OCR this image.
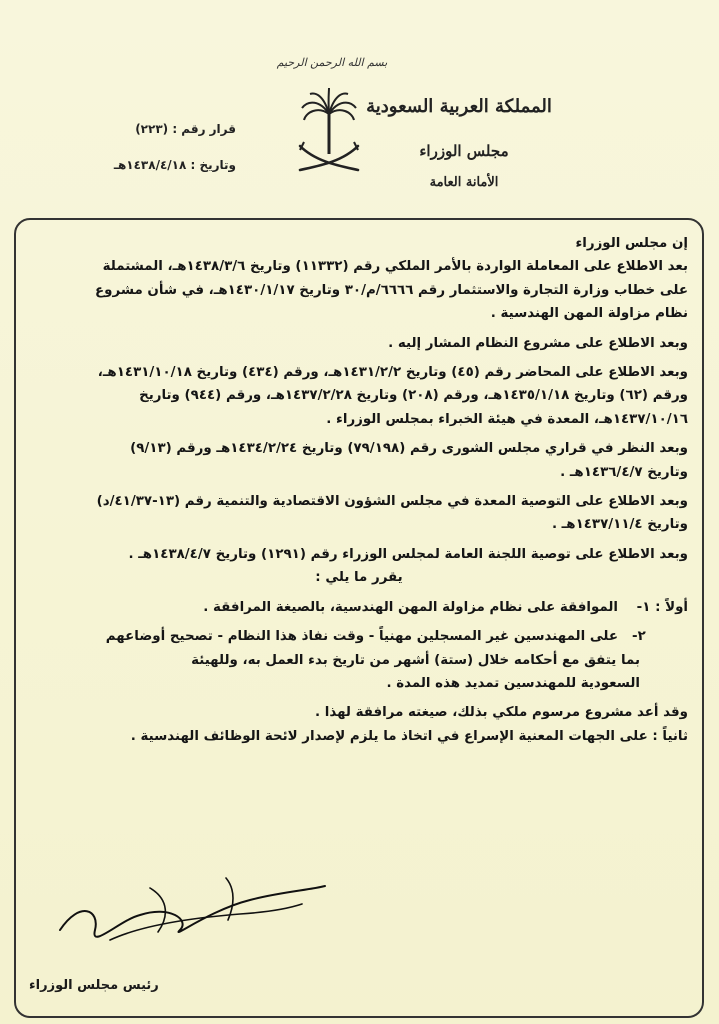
بسم الله الرحمن الرحيم
المملكة العربية السعودية
مجلس الوزراء
الأمانة العامة
قرار رقم : (٢٢٣)
وتاريخ : ١٤٣٨/٤/١٨هـ

إن مجلس الوزراء

بعد الاطلاع على المعاملة الواردة بالأمر الملكي رقم (١١٣٣٢) وتاريخ ١٤٣٨/٣/٦هـ، المشتملة

على خطاب وزارة التجارة والاستثمار رقم ٦٦٦٦/م/٣٠ وتاريخ ١٤٣٠/١/١٧هـ، في شأن مشروع

نظام مزاولة المهن الهندسية .

وبعد الاطلاع على مشروع النظام المشار إليه .

وبعد الاطلاع على المحاضر رقم (٤٥) وتاريخ ١٤٣١/٢/٢هـ، ورقم (٤٣٤) وتاريخ ١٤٣١/١٠/١٨هـ،

ورقم (٦٢) وتاريخ ١٤٣٥/١/١٨هـ، ورقم (٢٠٨) وتاريخ ١٤٣٧/٢/٢٨هـ، ورقم (٩٤٤) وتاريخ

١٤٣٧/١٠/١٦هـ، المعدة في هيئة الخبراء بمجلس الوزراء .

وبعد النظر في قراري مجلس الشورى رقم (٧٩/١٩٨) وتاريخ ١٤٣٤/٢/٢٤هـ ورقم (٩/١٣)

وتاريخ ١٤٣٦/٤/٧هـ .

وبعد الاطلاع على التوصية المعدة في مجلس الشؤون الاقتصادية والتنمية رقم (١٣-٤١/٣٧/د)

وتاريخ ١٤٣٧/١١/٤هـ .

وبعد الاطلاع على توصية اللجنة العامة لمجلس الوزراء رقم (١٢٩١) وتاريخ ١٤٣٨/٤/٧هـ .

يقرر ما يلي :

أولاً : ١-
الموافقة على نظام مزاولة المهن الهندسية، بالصيغة المرافقة .
٢-
على المهندسين غير المسجلين مهنياً - وقت نفاذ هذا النظام - تصحيح أوضاعهم

بما يتفق مع أحكامه خلال (ستة) أشهر من تاريخ بدء العمل به، وللهيئة

السعودية للمهندسين تمديد هذه المدة .

وقد أعد مشروع مرسوم ملكي بذلك، صيغته مرافقة لهذا .

ثانياً : على الجهات المعنية الإسراع في اتخاذ ما يلزم لإصدار لائحة الوظائف الهندسية .

رئيس مجلس الوزراء
